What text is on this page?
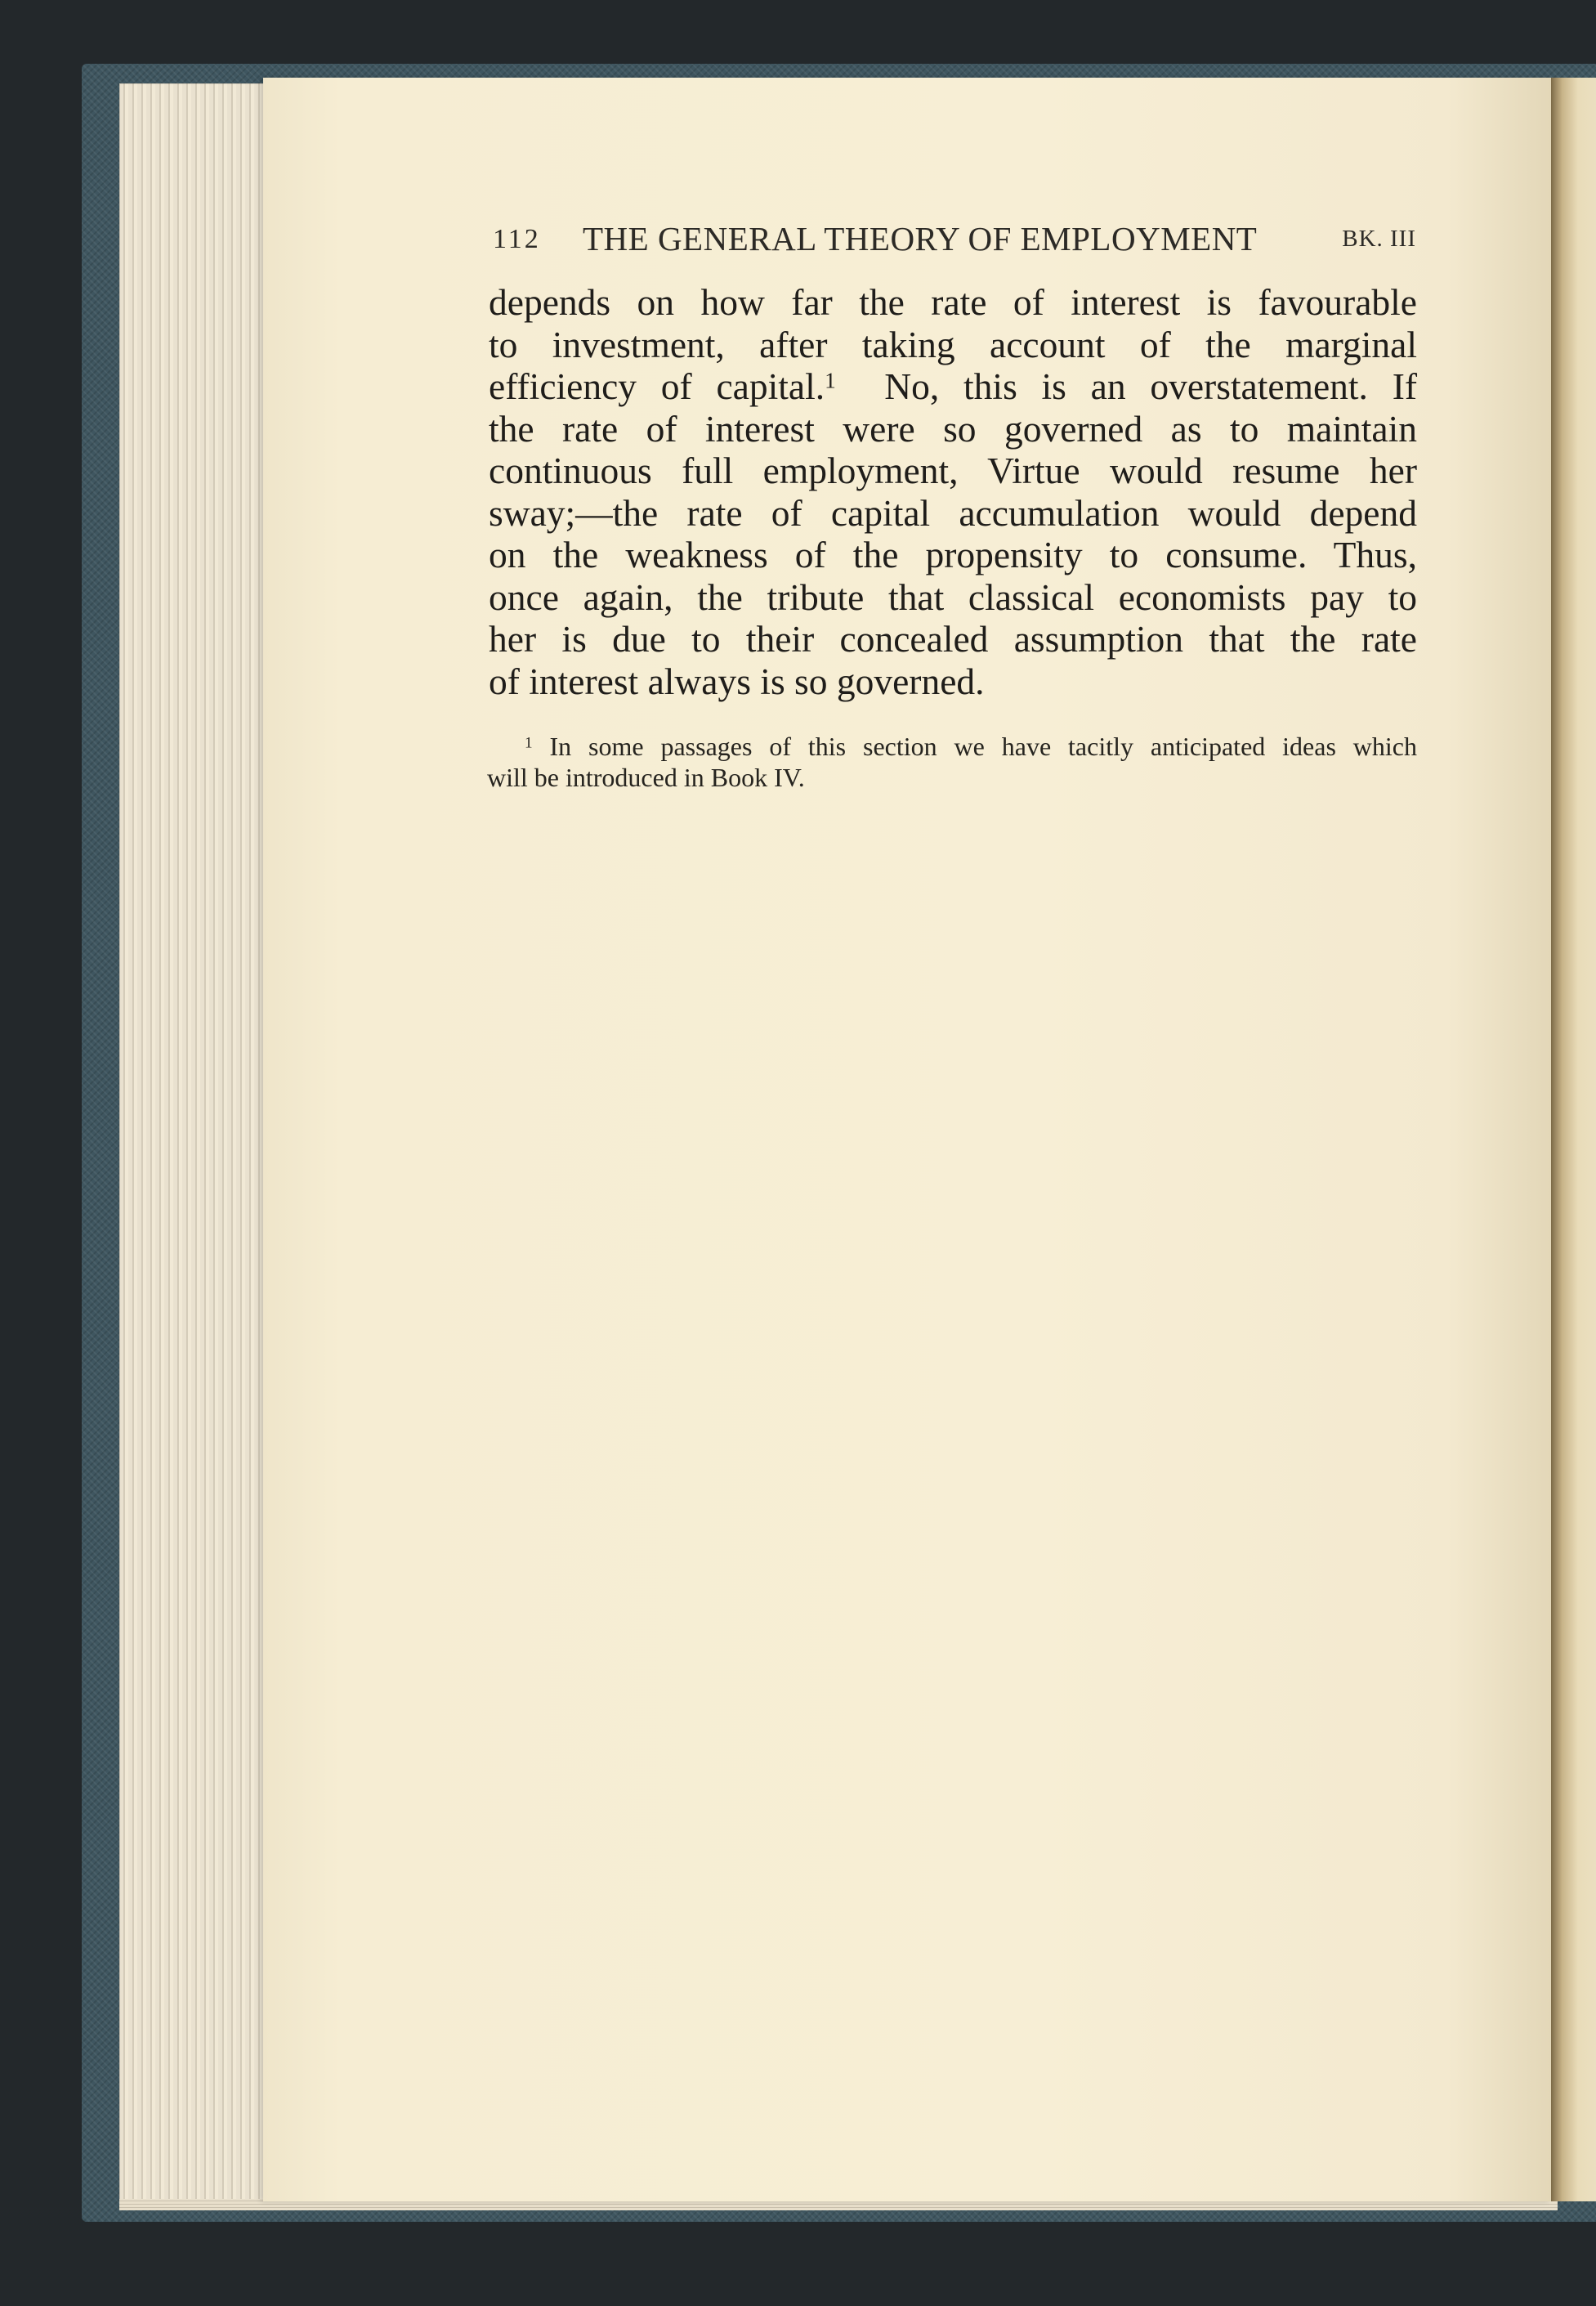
112 THE GENERAL THEORY OF EMPLOYMENT	BK. III
depends on how far the rate of interest is favourable
to investment, after taking account of the marginal
efficiency of capital.$^1$ No, this is an overstatement. If
the rate of interest were so governed as to maintain
continuous full employment, Virtue would resume her
sway;—the rate of capital accumulation would depend
on the weakness of the propensity to consume. Thus,
once again, the tribute that classical economists pay to
her is due to their concealed assumption that the rate
of interest always is so governed.
$^1$ In some passages of this section we have tacitly anticipated ideas which
will be introduced in Book IV.
